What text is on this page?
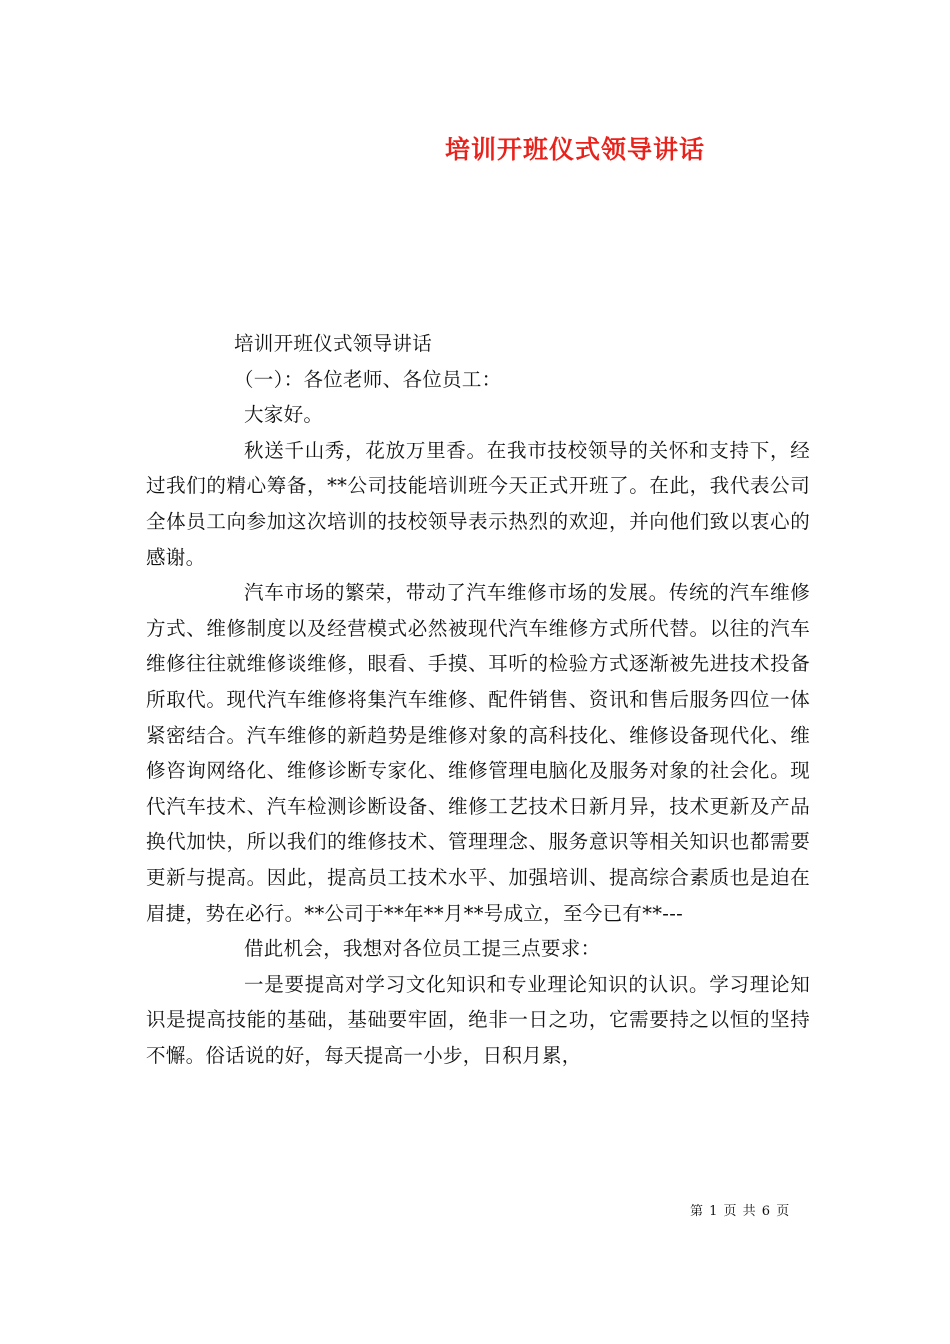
培训开班仪式领导讲话

培训开班仪式领导讲话

（一）：各位老师、各位员工：

大家好。

秋送千山秀，花放万里香。在我市技校领导的关怀和支持下，经过我们的精心筹备，**公司技能培训班今天正式开班了。在此，我代表公司全体员工向参加这次培训的技校领导表示热烈的欢迎，并向他们致以衷心的感谢。

汽车市场的繁荣，带动了汽车维修市场的发展。传统的汽车维修方式、维修制度以及经营模式必然被现代汽车维修方式所代替。以往的汽车维修往往就维修谈维修，眼看、手摸、耳听的检验方式逐渐被先进技术投备所取代。现代汽车维修将集汽车维修、配件销售、资讯和售后服务四位一体紧密结合。汽车维修的新趋势是维修对象的高科技化、维修设备现代化、维修咨询网络化、维修诊断专家化、维修管理电脑化及服务对象的社会化。现代汽车技术、汽车检测诊断设备、维修工艺技术日新月异，技术更新及产品换代加快，所以我们的维修技术、管理理念、服务意识等相关知识也都需要更新与提高。因此，提高员工技术水平、加强培训、提高综合素质也是迫在眉捷，势在必行。**公司于**年**月**号成立，至今已有**---

借此机会，我想对各位员工提三点要求：

一是要提高对学习文化知识和专业理论知识的认识。学习理论知识是提高技能的基础，基础要牢固，绝非一日之功，它需要持之以恒的坚持不懈。俗话说的好，每天提高一小步，日积月累，

第 1 页 共 6 页
